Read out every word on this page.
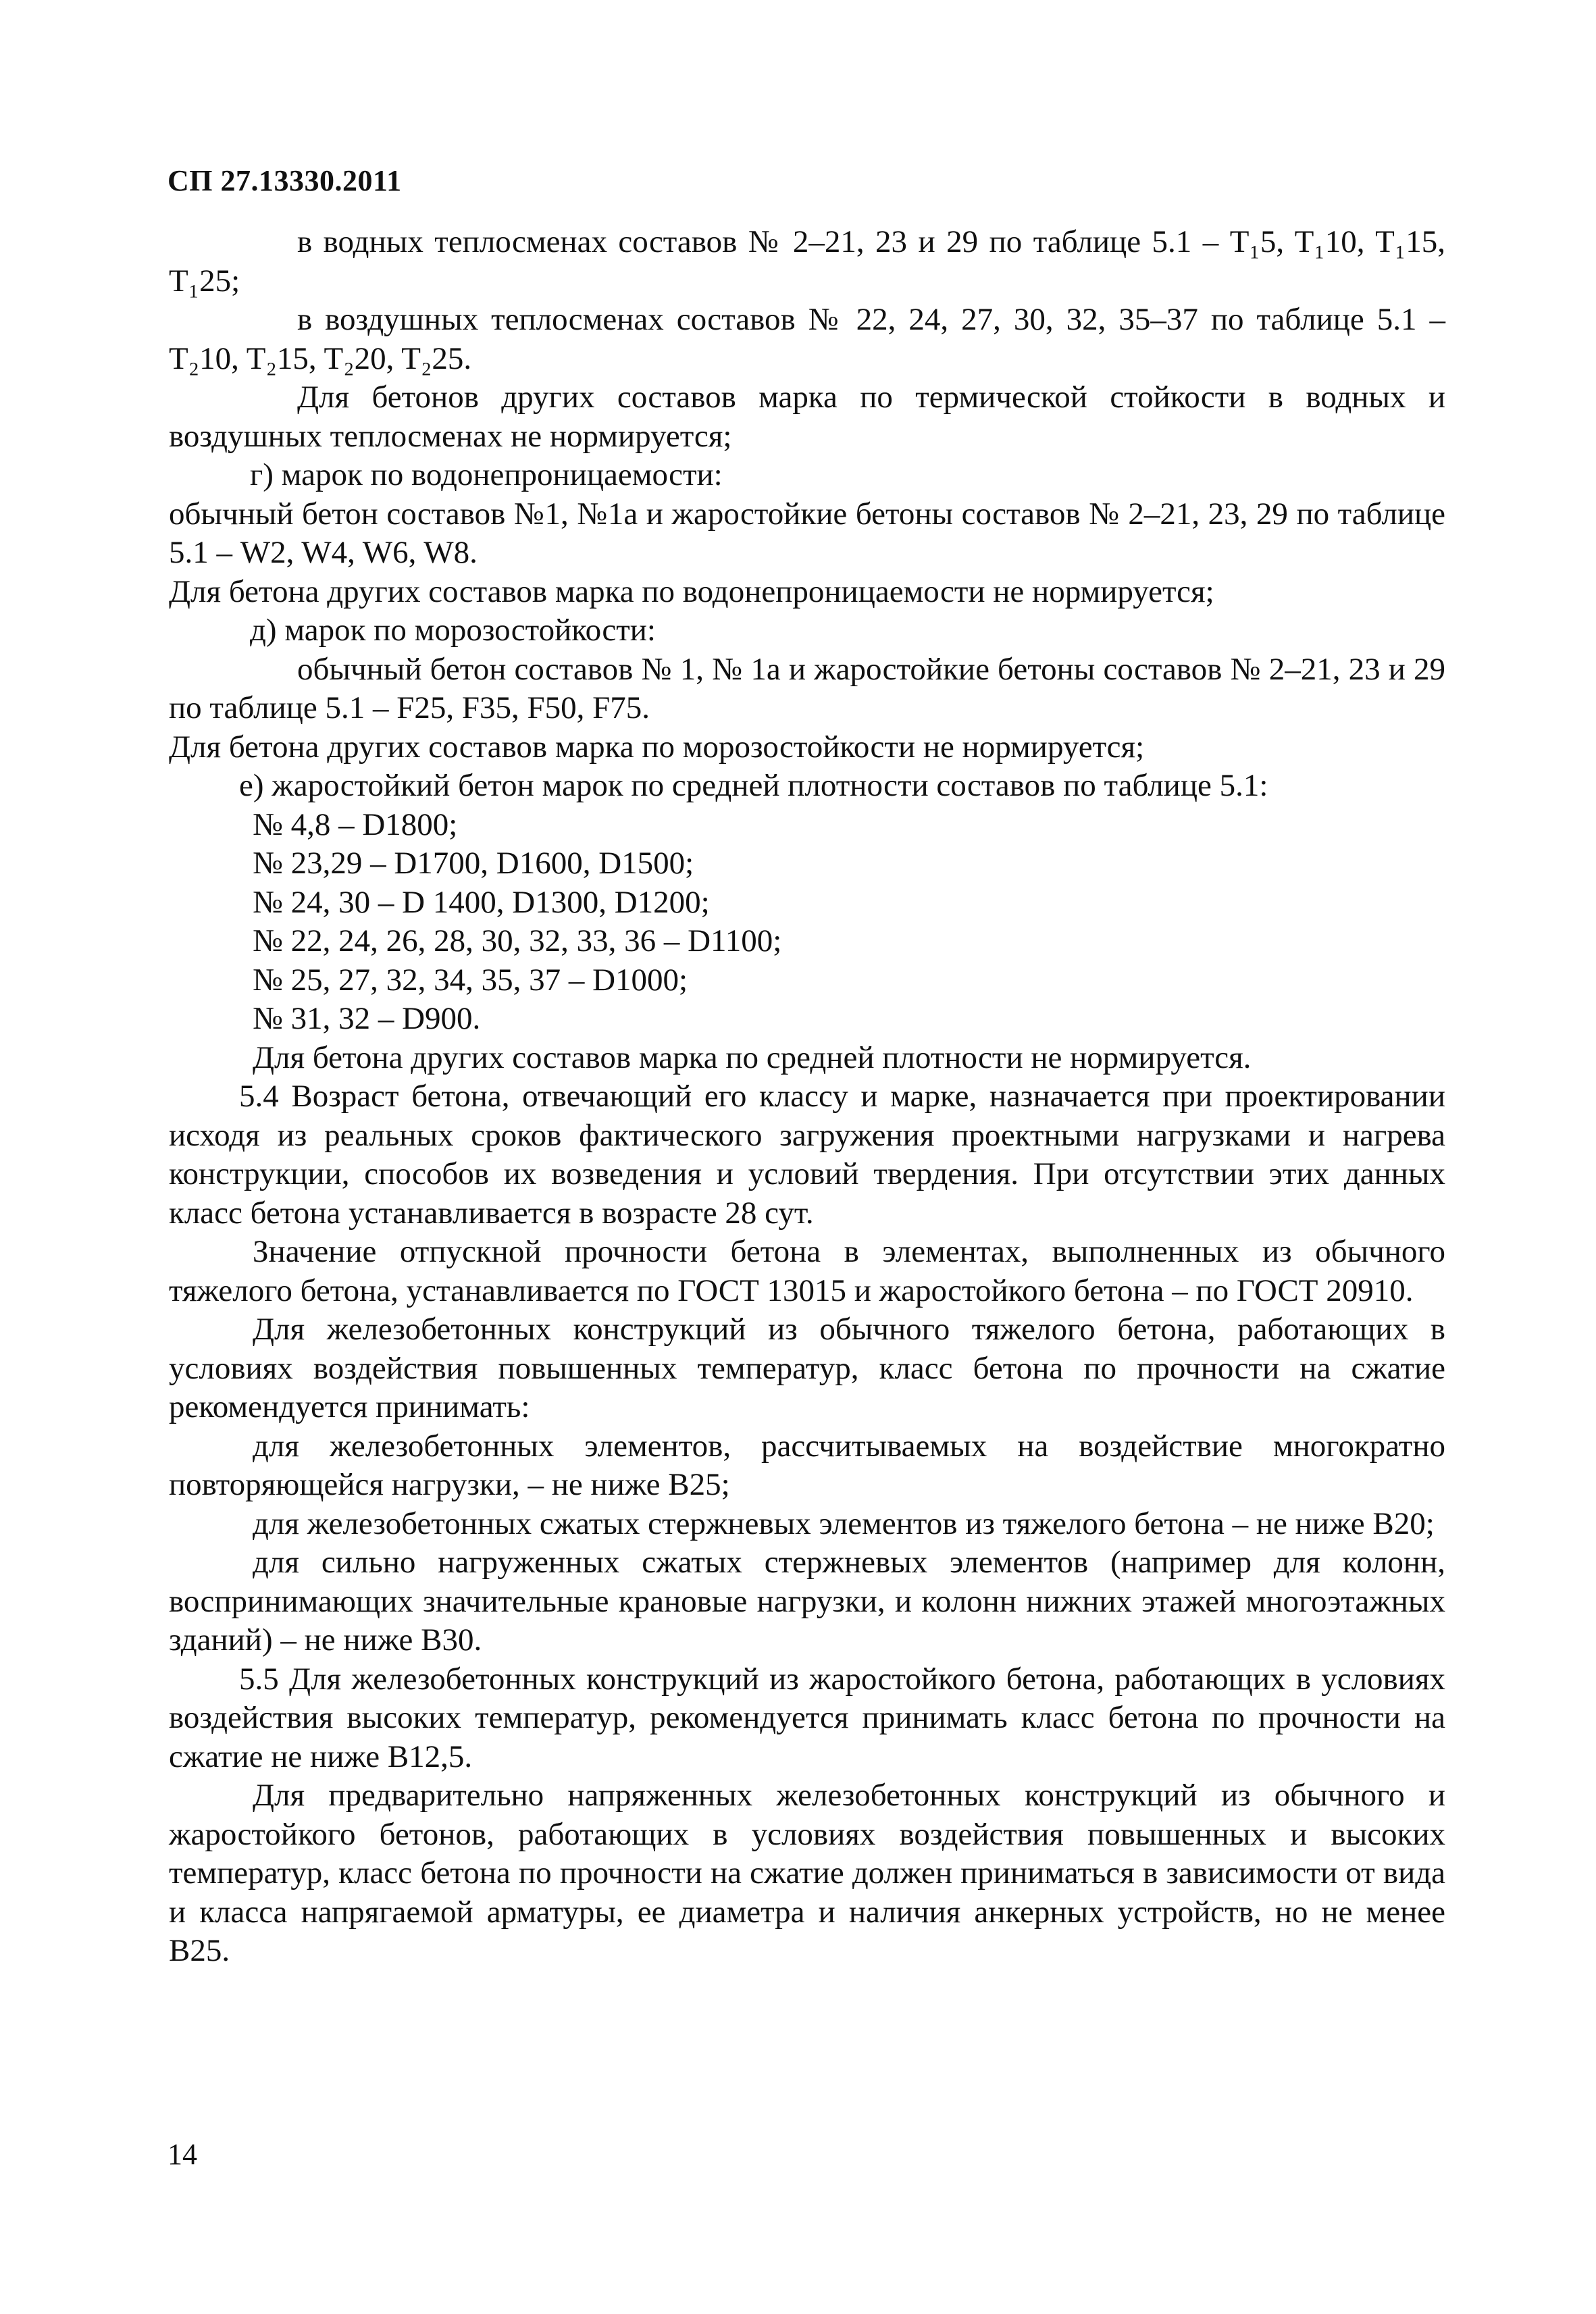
СП 27.13330.2011

в водных теплосменах составов № 2–21, 23 и 29 по таблице 5.1 – T₁5, T₁10, T₁15, T₁25;

в воздушных теплосменах составов № 22, 24, 27, 30, 32, 35–37 по таблице 5.1 – T₂10, T₂15, T₂20, T₂25.

Для бетонов других составов марка по термической стойкости в водных и воздушных теплосменах не нормируется;

г) марок по водонепроницаемости:

обычный бетон составов №1, №1а и жаростойкие бетоны составов № 2–21, 23, 29 по таблице 5.1 – W2, W4, W6, W8.

Для бетона других составов марка по водонепроницаемости не нормируется;

д) марок по морозостойкости:

обычный бетон составов № 1, № 1а и жаростойкие бетоны составов № 2–21, 23 и 29 по таблице 5.1 – F25, F35, F50, F75.

Для бетона других составов марка по морозостойкости не нормируется;

е) жаростойкий бетон марок по средней плотности составов по таблице 5.1:

№ 4,8 – D1800;

№ 23,29 – D1700, D1600, D1500;

№ 24, 30 – D 1400, D1300, D1200;

№ 22, 24, 26, 28, 30, 32, 33, 36 – D1100;

№ 25, 27, 32, 34, 35, 37 – D1000;

№ 31, 32 – D900.

Для бетона других составов марка по средней плотности не нормируется.

5.4 Возраст бетона, отвечающий его классу и марке, назначается при проектировании исходя из реальных сроков фактического загружения проектными нагрузками и нагрева конструкции, способов их возведения и условий твердения. При отсутствии этих данных класс бетона устанавливается в возрасте 28 сут.

Значение отпускной прочности бетона в элементах, выполненных из обычного тяжелого бетона, устанавливается по ГОСТ 13015 и жаростойкого бетона – по ГОСТ 20910.

Для железобетонных конструкций из обычного тяжелого бетона, работающих в условиях воздействия повышенных температур, класс бетона по прочности на сжатие рекомендуется принимать:

для железобетонных элементов, рассчитываемых на воздействие многократно повторяющейся нагрузки, – не ниже В25;

для железобетонных сжатых стержневых элементов из тяжелого бетона – не ниже В20;

для сильно нагруженных сжатых стержневых элементов (например для колонн, воспринимающих значительные крановые нагрузки, и колонн нижних этажей многоэтажных зданий) – не ниже В30.

5.5 Для железобетонных конструкций из жаростойкого бетона, работающих в условиях воздействия высоких температур, рекомендуется принимать класс бетона по прочности на сжатие не ниже В12,5.

Для предварительно напряженных железобетонных конструкций из обычного и жаростойкого бетонов, работающих в условиях воздействия повышенных и высоких температур, класс бетона по прочности на сжатие должен приниматься в зависимости от вида и класса напрягаемой арматуры, ее диаметра и наличия анкерных устройств, но не менее В25.

14
